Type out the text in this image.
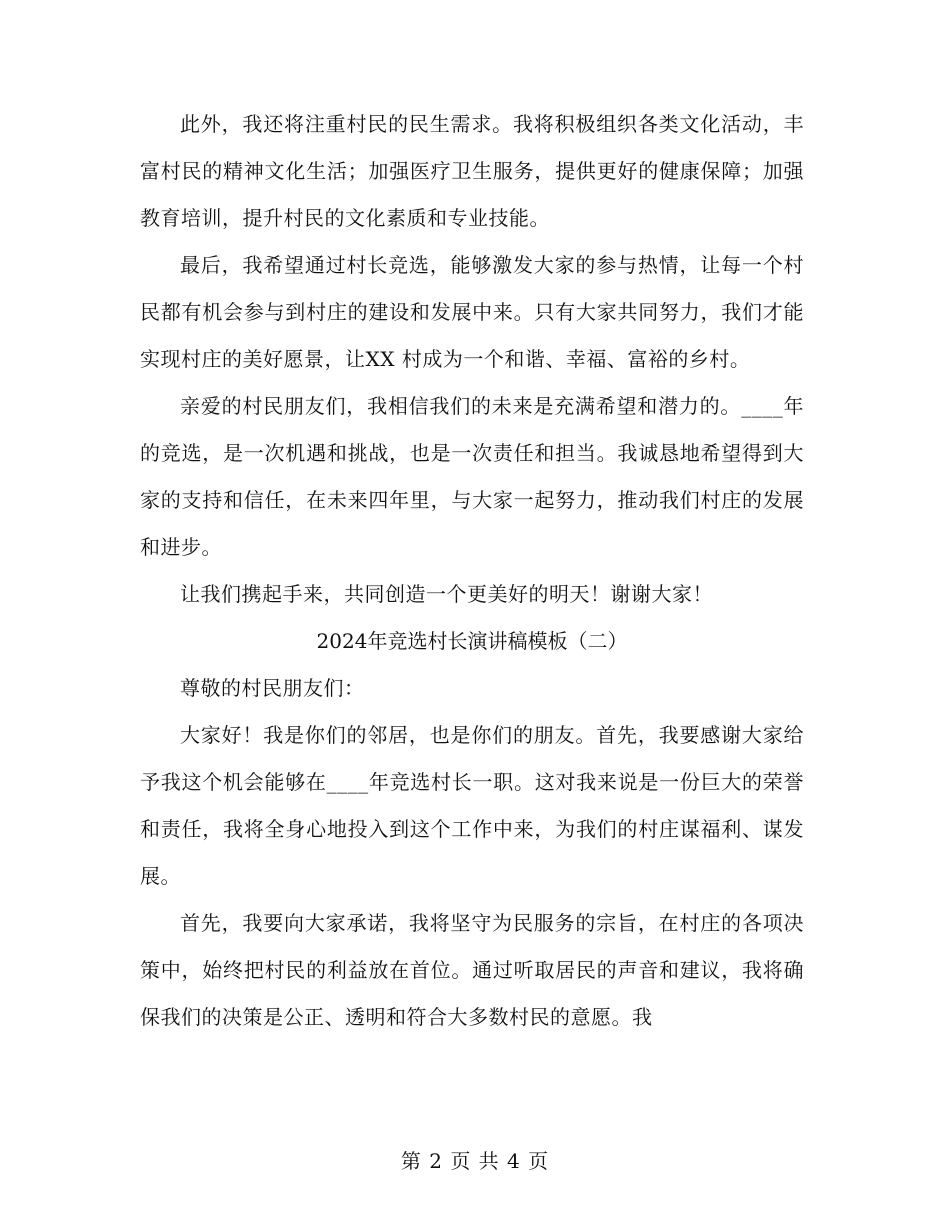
此外，我还将注重村民的民生需求。我将积极组织各类文化活动，丰富村民的精神文化生活；加强医疗卫生服务，提供更好的健康保障；加强教育培训，提升村民的文化素质和专业技能。

最后，我希望通过村长竞选，能够激发大家的参与热情，让每一个村民都有机会参与到村庄的建设和发展中来。只有大家共同努力，我们才能实现村庄的美好愿景，让XX 村成为一个和谐、幸福、富裕的乡村。

亲爱的村民朋友们，我相信我们的未来是充满希望和潜力的。____年的竞选，是一次机遇和挑战，也是一次责任和担当。我诚恳地希望得到大家的支持和信任，在未来四年里，与大家一起努力，推动我们村庄的发展和进步。

让我们携起手来，共同创造一个更美好的明天！谢谢大家！

2024年竞选村长演讲稿模板（二）

尊敬的村民朋友们：

大家好！我是你们的邻居，也是你们的朋友。首先，我要感谢大家给予我这个机会能够在____年竞选村长一职。这对我来说是一份巨大的荣誉和责任，我将全身心地投入到这个工作中来，为我们的村庄谋福利、谋发展。

首先，我要向大家承诺，我将坚守为民服务的宗旨，在村庄的各项决策中，始终把村民的利益放在首位。通过听取居民的声音和建议，我将确保我们的决策是公正、透明和符合大多数村民的意愿。我

第 2 页 共 4 页
